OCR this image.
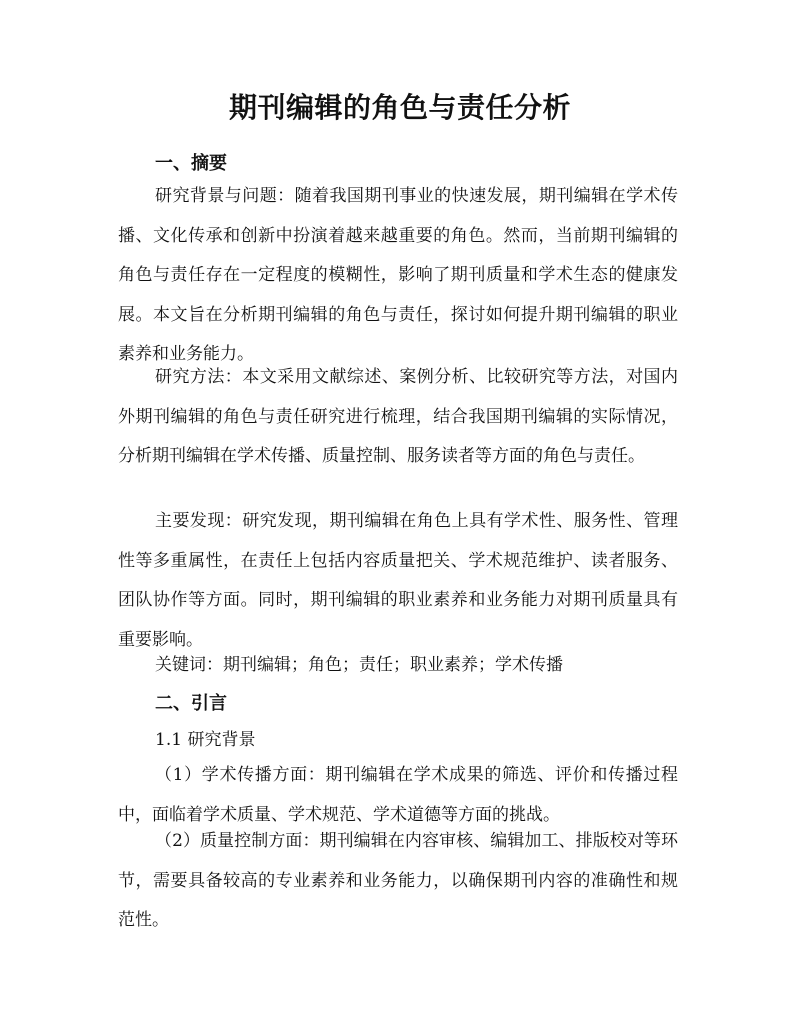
期刊编辑的角色与责任分析
一、摘要

研究背景与问题：随着我国期刊事业的快速发展，期刊编辑在学术传播、文化传承和创新中扮演着越来越重要的角色。然而，当前期刊编辑的角色与责任存在一定程度的模糊性，影响了期刊质量和学术生态的健康发展。本文旨在分析期刊编辑的角色与责任，探讨如何提升期刊编辑的职业素养和业务能力。

研究方法：本文采用文献综述、案例分析、比较研究等方法，对国内外期刊编辑的角色与责任研究进行梳理，结合我国期刊编辑的实际情况，分析期刊编辑在学术传播、质量控制、服务读者等方面的角色与责任。

主要发现：研究发现，期刊编辑在角色上具有学术性、服务性、管理性等多重属性，在责任上包括内容质量把关、学术规范维护、读者服务、团队协作等方面。同时，期刊编辑的职业素养和业务能力对期刊质量具有重要影响。

关键词：期刊编辑；角色；责任；职业素养；学术传播
二、引言
1.1 研究背景

（1）学术传播方面：期刊编辑在学术成果的筛选、评价和传播过程中，面临着学术质量、学术规范、学术道德等方面的挑战。

（2）质量控制方面：期刊编辑在内容审核、编辑加工、排版校对等环节，需要具备较高的专业素养和业务能力，以确保期刊内容的准确性和规范性。
